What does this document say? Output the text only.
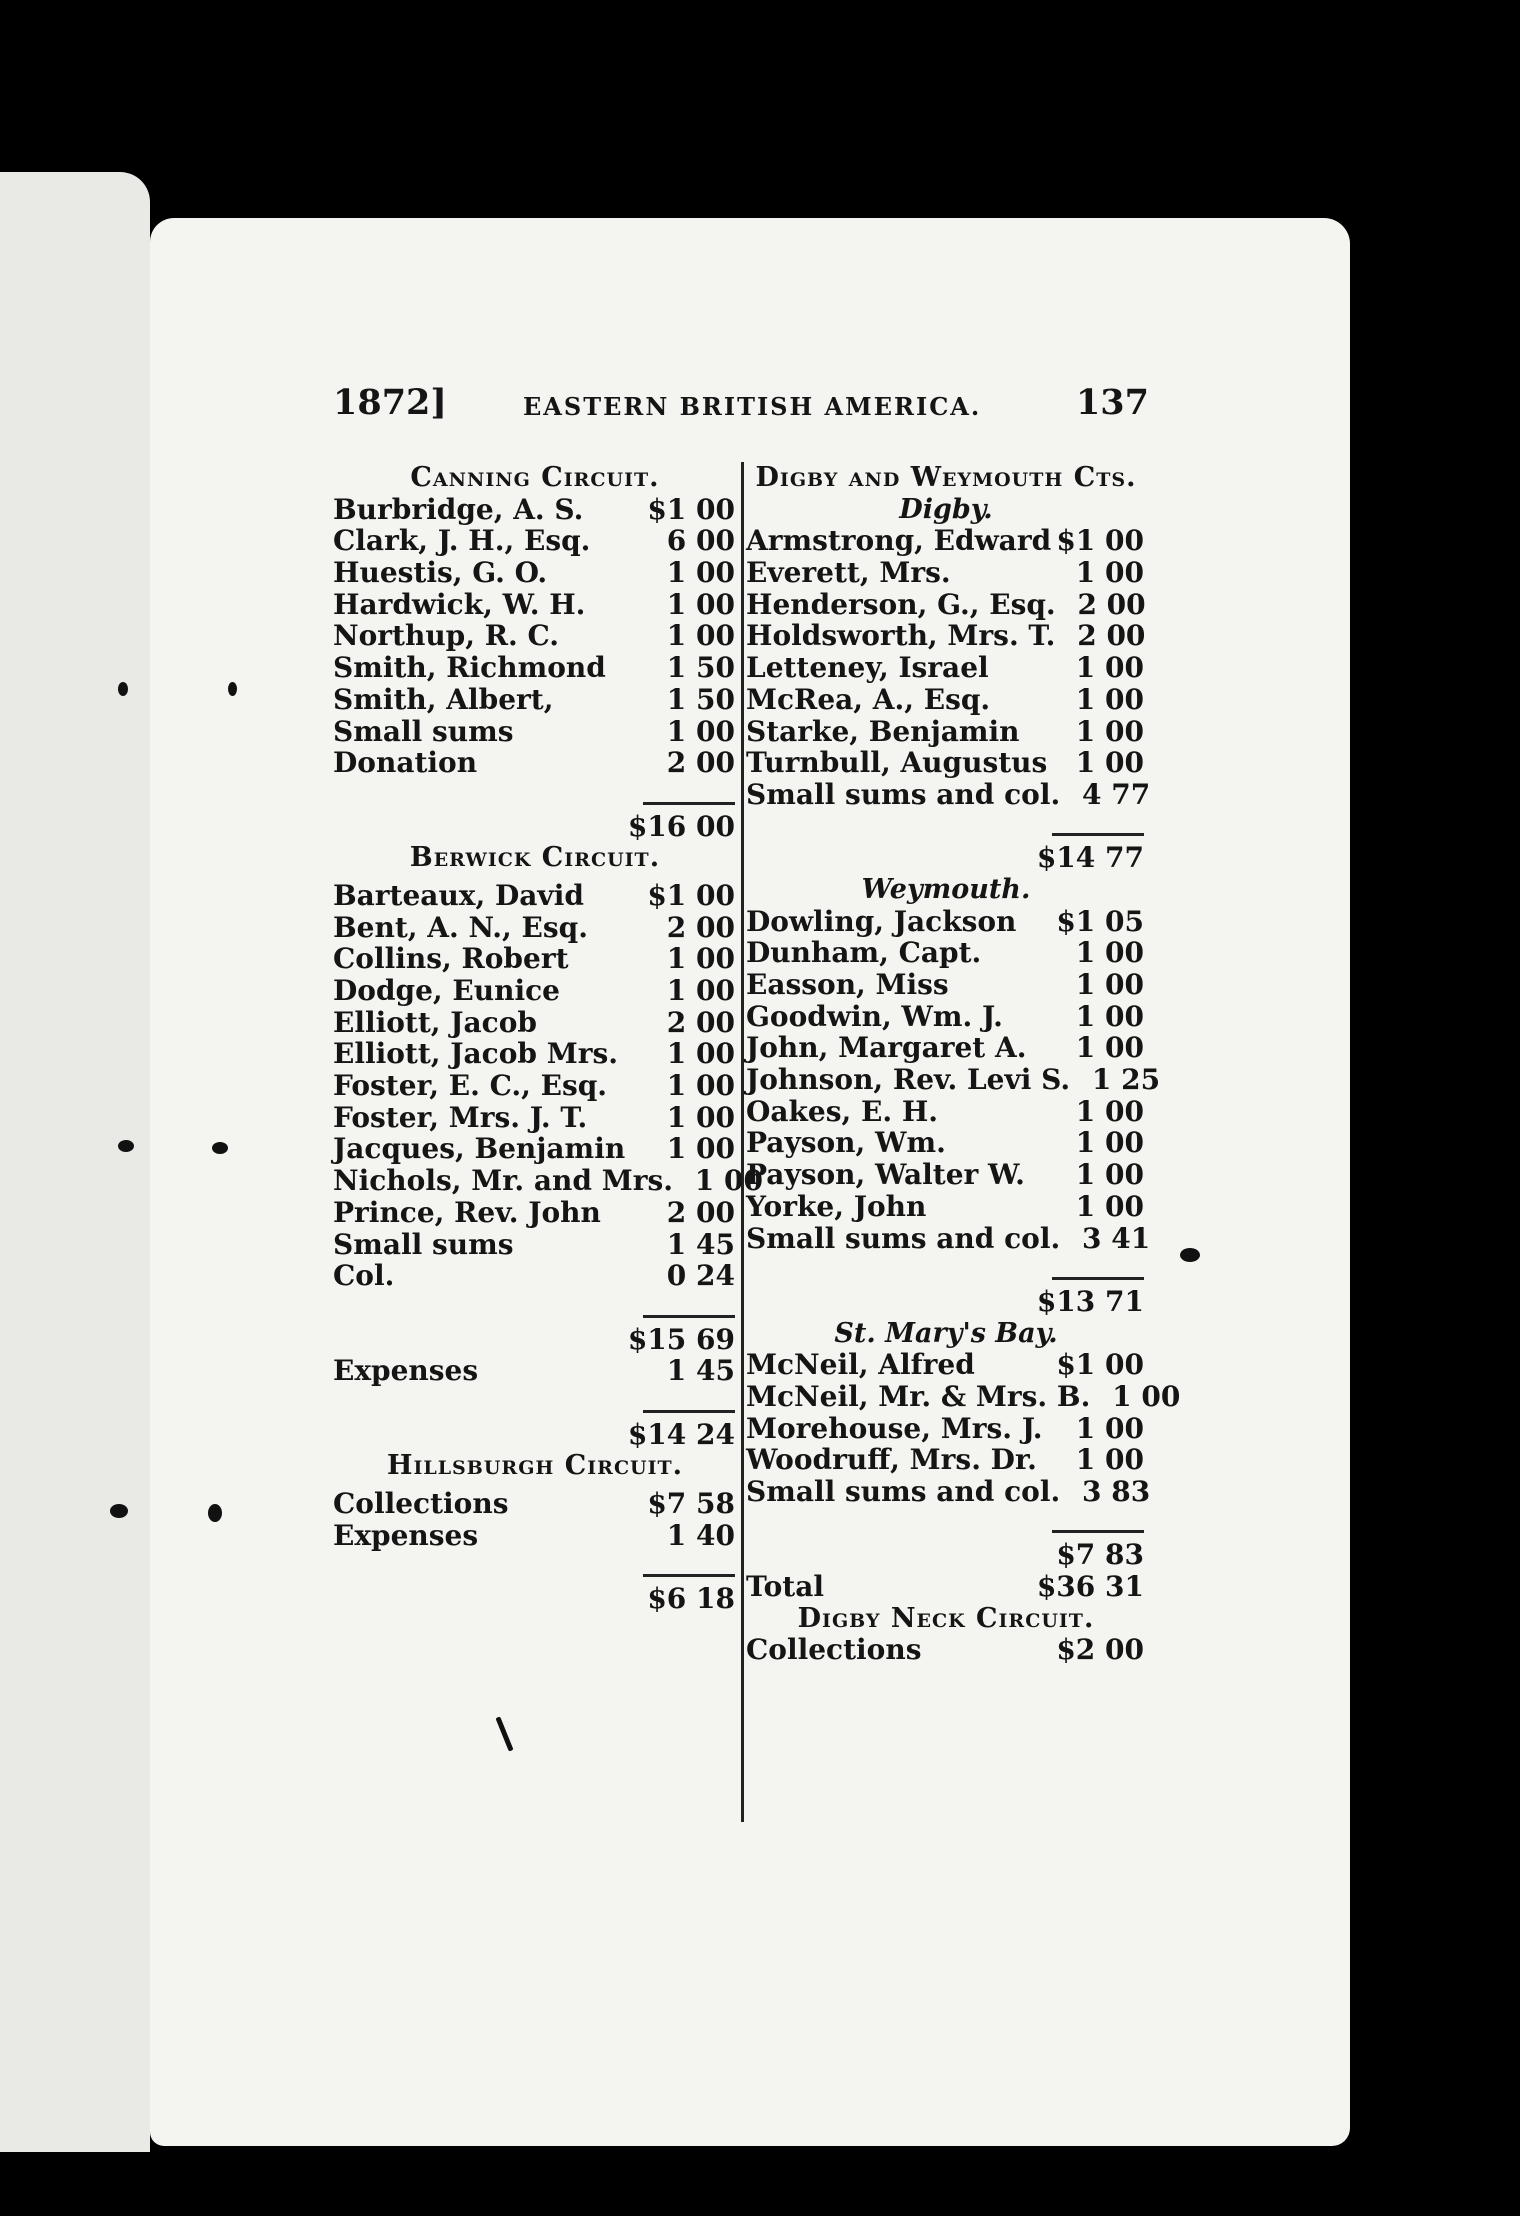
1872]	EASTERN BRITISH AMERICA.	137
Canning Circuit.
Burbridge, A. S. $1 00
Clark, J. H., Esq.	6 00
Huestis, G. O.	1 00
Hardwick, W. H.	1 00
Northup, R. C.	1 00
Smith, Richmond	1 50
Smith, Albert,	1 50
Small sums	1 00
Donation	2 00
$16 00
Berwick Circuit.
Barteaux, David $1 00
Bent, A. N., Esq.	2 00
Collins, Robert	1 00
Dodge, Eunice	1 00
Elliott, Jacob	2 00
Elliott, Jacob Mrs.	1 00
Foster, E. C., Esq.	1 00
Foster, Mrs. J. T.	1 00
Jacques, Benjamin	1 00
Nichols, Mr. and Mrs. 1 00
Prince, Rev. John	2 00
Small sums	1 45
Col.	0 24
$15 69
Expenses	1 45
$14 24
Hillsburgh Circuit.
Collections	$7 58
Expenses	1 40
$6 18
Digby and Weymouth Cts.
Digby.
Armstrong, Edward $1 00
Everett, Mrs.	1 00
Henderson, G., Esq. 2 00
Holdsworth, Mrs. T. 2 00
Letteney, Israel	1 00
McRea, A., Esq.	1 00
Starke, Benjamin	1 00
Turnbull, Augustus	1 00
Small sums and col. 4 77
$14 77
Weymouth.
Dowling, Jackson $1 05
Dunham, Capt.	1 00
Easson, Miss	1 00
Goodwin, Wm. J.	1 00
John, Margaret A.	1 00
Johnson, Rev. Levi S. 1 25
Oakes, E. H.	1 00
Payson, Wm.	1 00
Payson, Walter W.	1 00
Yorke, John	1 00
Small sums and col. 3 41
$13 71
St. Mary's Bay.
McNeil, Alfred	$1 00
McNeil, Mr. & Mrs. B. 1 00
Morehouse, Mrs. J.	1 00
Woodruff, Mrs. Dr.	1 00
Small sums and col. 3 83
$7 83
Total	$36 31
Digby Neck Circuit.
Collections	$2 00
